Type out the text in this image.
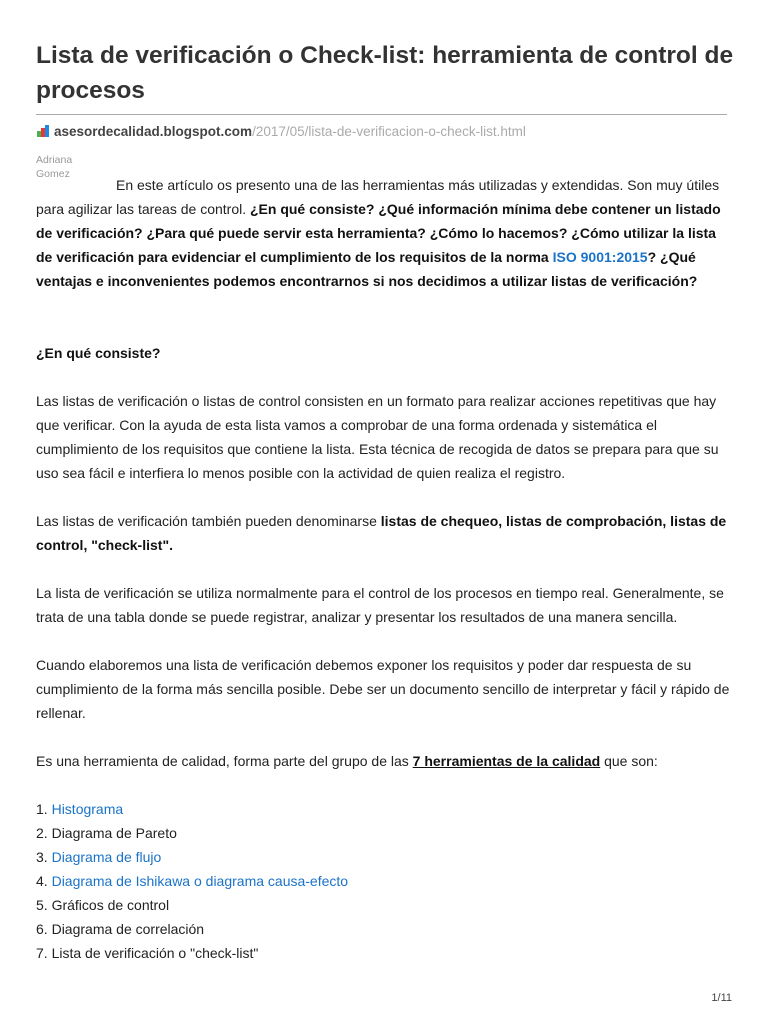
Lista de verificación o Check-list: herramienta de control de procesos
asesordecalidad.blogspot.com /2017/05/lista-de-verificacion-o-check-list.html
Adriana Gomez
En este artículo os presento una de las herramientas más utilizadas y extendidas. Son muy útiles para agilizar las tareas de control. ¿En qué consiste? ¿Qué información mínima debe contener un listado de verificación? ¿Para qué puede servir esta herramienta? ¿Cómo lo hacemos? ¿Cómo utilizar la lista de verificación para evidenciar el cumplimiento de los requisitos de la norma ISO 9001:2015? ¿Qué ventajas e inconvenientes podemos encontrarnos si nos decidimos a utilizar listas de verificación?
¿En qué consiste?
Las listas de verificación o listas de control consisten en un formato para realizar acciones repetitivas que hay que verificar. Con la ayuda de esta lista vamos a comprobar de una forma ordenada y sistemática el cumplimiento de los requisitos que contiene la lista. Esta técnica de recogida de datos se prepara para que su uso sea fácil e interfiera lo menos posible con la actividad de quien realiza el registro.
Las listas de verificación también pueden denominarse listas de chequeo, listas de comprobación, listas de control, "check-list".
La lista de verificación se utiliza normalmente para el control de los procesos en tiempo real. Generalmente, se trata de una tabla donde se puede registrar, analizar y presentar los resultados de una manera sencilla.
Cuando elaboremos una lista de verificación debemos exponer los requisitos y poder dar respuesta de su cumplimiento de la forma más sencilla posible. Debe ser un documento sencillo de interpretar y fácil y rápido de rellenar.
Es una herramienta de calidad, forma parte del grupo de las 7 herramientas de la calidad que son:
1. Histograma
2. Diagrama de Pareto
3. Diagrama de flujo
4. Diagrama de Ishikawa o diagrama causa-efecto
5. Gráficos de control
6. Diagrama de correlación
7. Lista de verificación o "check-list"
1/11
